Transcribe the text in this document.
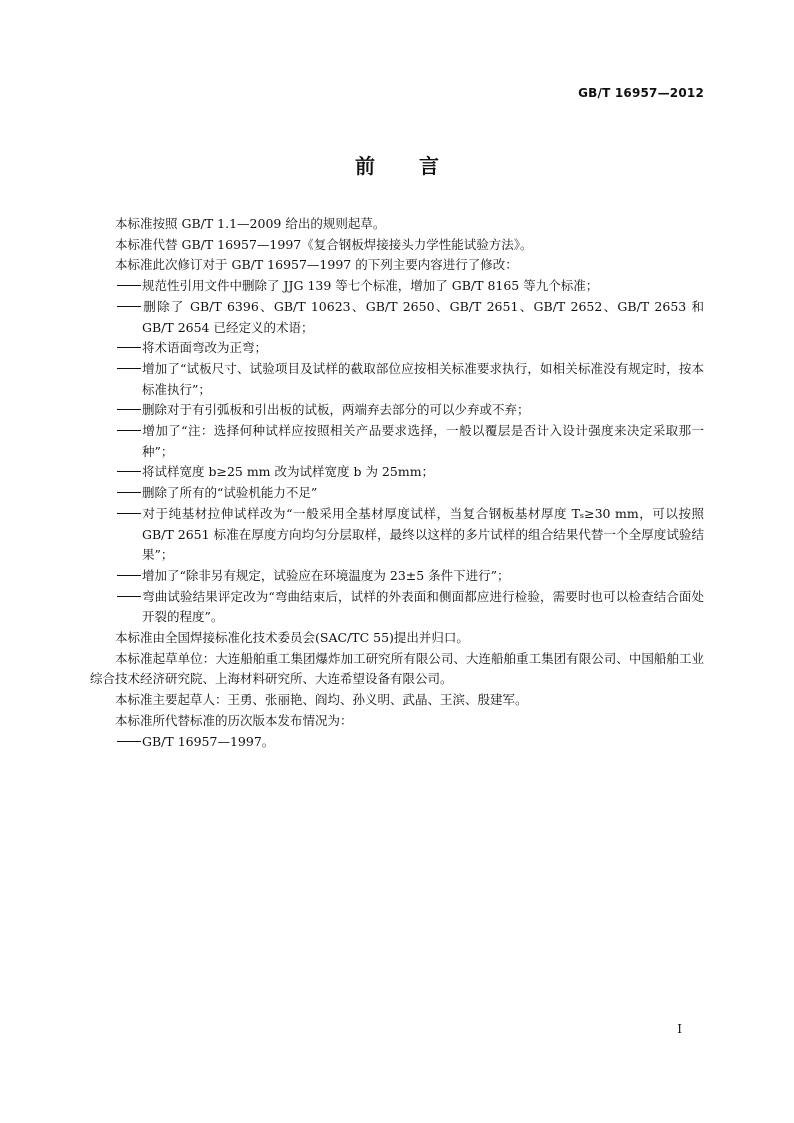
GB/T 16957—2012
前言

本标准按照 GB/T 1.1—2009 给出的规则起草。

本标准代替 GB/T 16957—1997《复合钢板焊接接头力学性能试验方法》。

本标准此次修订对于 GB/T 16957—1997 的下列主要内容进行了修改：

规范性引用文件中删除了 JJG 139 等七个标准，增加了 GB/T 8165 等九个标准；

删除了 GB/T 6396、GB/T 10623、GB/T 2650、GB/T 2651、GB/T 2652、GB/T 2653 和 GB/T 2654 已经定义的术语；

将术语面弯改为正弯；

增加了“试板尺寸、试验项目及试样的截取部位应按相关标准要求执行，如相关标准没有规定时，按本标准执行”；

删除对于有引弧板和引出板的试板，两端弃去部分的可以少弃或不弃；

增加了“注：选择何种试样应按照相关产品要求选择，一般以覆层是否计入设计强度来决定采取那一种”；

将试样宽度 b≥25 mm 改为试样宽度 b 为 25mm；

删除了所有的“试验机能力不足”

对于纯基材拉伸试样改为“一般采用全基材厚度试样，当复合钢板基材厚度 Tₛ≥30 mm，可以按照 GB/T 2651 标准在厚度方向均匀分层取样，最终以这样的多片试样的组合结果代替一个全厚度试验结果”；

增加了“除非另有规定，试验应在环境温度为 23±5 条件下进行”；

弯曲试验结果评定改为“弯曲结束后，试样的外表面和侧面都应进行检验，需要时也可以检查结合面处开裂的程度”。

本标准由全国焊接标准化技术委员会(SAC/TC 55)提出并归口。

本标准起草单位：大连船舶重工集团爆炸加工研究所有限公司、大连船舶重工集团有限公司、中国船舶工业综合技术经济研究院、上海材料研究所、大连希望设备有限公司。

本标准主要起草人：王勇、张丽艳、阎均、孙义明、武晶、王滨、殷建军。

本标准所代替标准的历次版本发布情况为：

GB/T 16957—1997。

I
